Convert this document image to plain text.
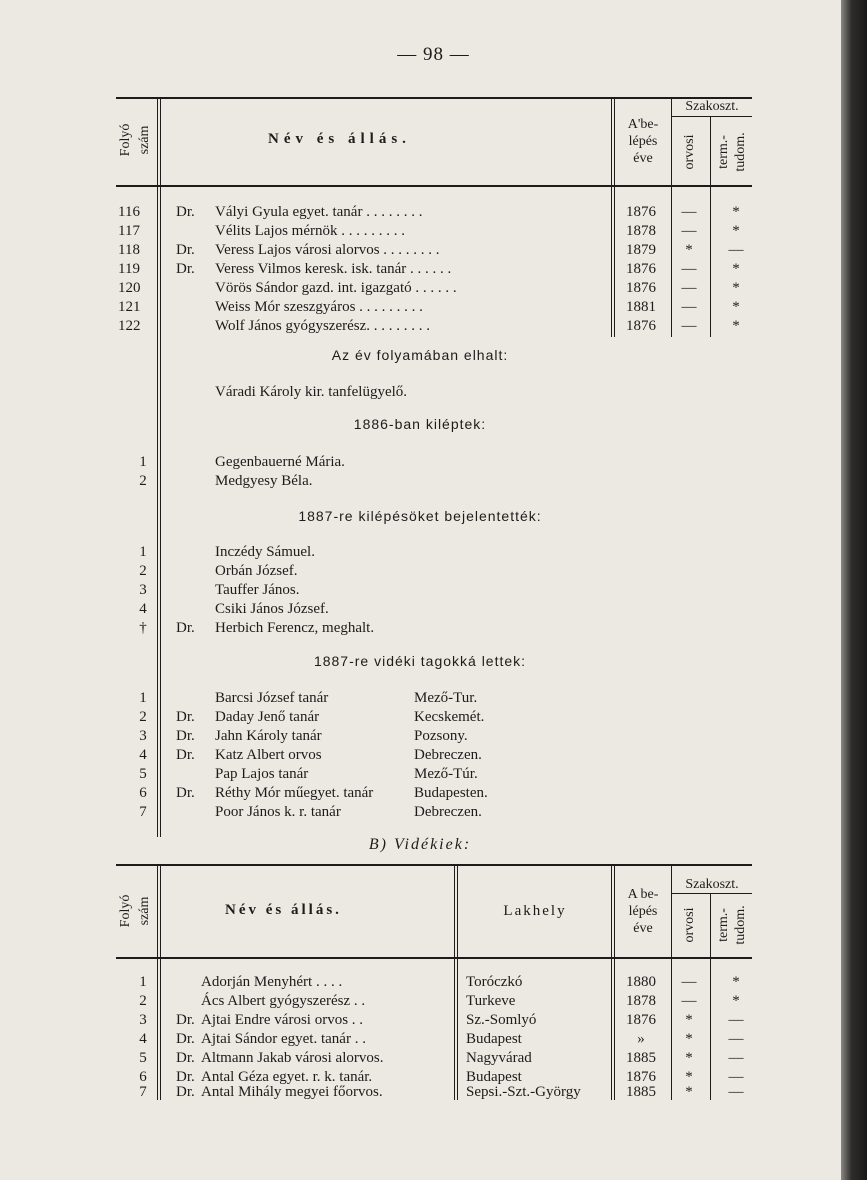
— 98 —
Folyó szám	Név és állás.
A'be-
lépés
éve
Szakoszt.
orvosi term.- tudom.
116 Dr. Vályi Gyula egyet. tanár . . . . . . . .	1876	—	*
117	Vélits Lajos mérnök . . . . . . . . .	1878	—	*
118 Dr. Veress Lajos városi alorvos . . . . . . . .	1879	*	—
119 Dr. Veress Vilmos keresk. isk. tanár . . . . . .	1876	—	*
120	Vörös Sándor gazd. int. igazgató . . . . . .	1876	—	*
121	Weiss Mór szeszgyáros . . . . . . . . .	1881	—	*
122	Wolf János gyógyszerész. . . . . . . . .	1876	—	*
Az év folyamában elhalt:
Váradi Károly kir. tanfelügyelő.
1886-ban kiléptek:
1	Gegenbauerné Mária.
2	Medgyesy Béla.
1887-re kilépésöket bejelentették:
1	Inczédy Sámuel.
2	Orbán József.
3	Tauffer János.
4	Csiki János József.
†	Dr. Herbich Ferencz, meghalt.
1887-re vidéki tagokká lettek:
1	Barcsi József tanár	Mező-Tur.
2	Dr. Daday Jenő tanár	Kecskemét.
3	Dr. Jahn Károly tanár	Pozsony.
4	Dr. Katz Albert orvos	Debreczen.
5	Pap Lajos tanár	Mező-Túr.
6	Dr. Réthy Mór műegyet. tanár	Budapesten.
7	Poor János k. r. tanár	Debreczen.
B) Vidékiek:
Folyó szám	Név és állás.	Lakhely
A be-
lépés
éve
Szakoszt.
orvosi term.- tudom.
1	Adorján Menyhért . . . .	Toróczkó	1880	—	*
2	Ács Albert gyógyszerész . .	Turkeve	1878	—	*
3	Dr. Ajtai Endre városi orvos . .	Sz.-Somlyó	1876	*	—
4	Dr. Ajtai Sándor egyet. tanár . .	Budapest	»	*	—
5	Dr. Altmann Jakab városi alorvos.	Nagyvárad	1885	*	—
6	Dr. Antal Géza egyet. r. k. tanár.	Budapest	1876	*	—
7	Dr. Antal Mihály megyei főorvos.	Sepsi.-Szt.-György	1885	*	—
